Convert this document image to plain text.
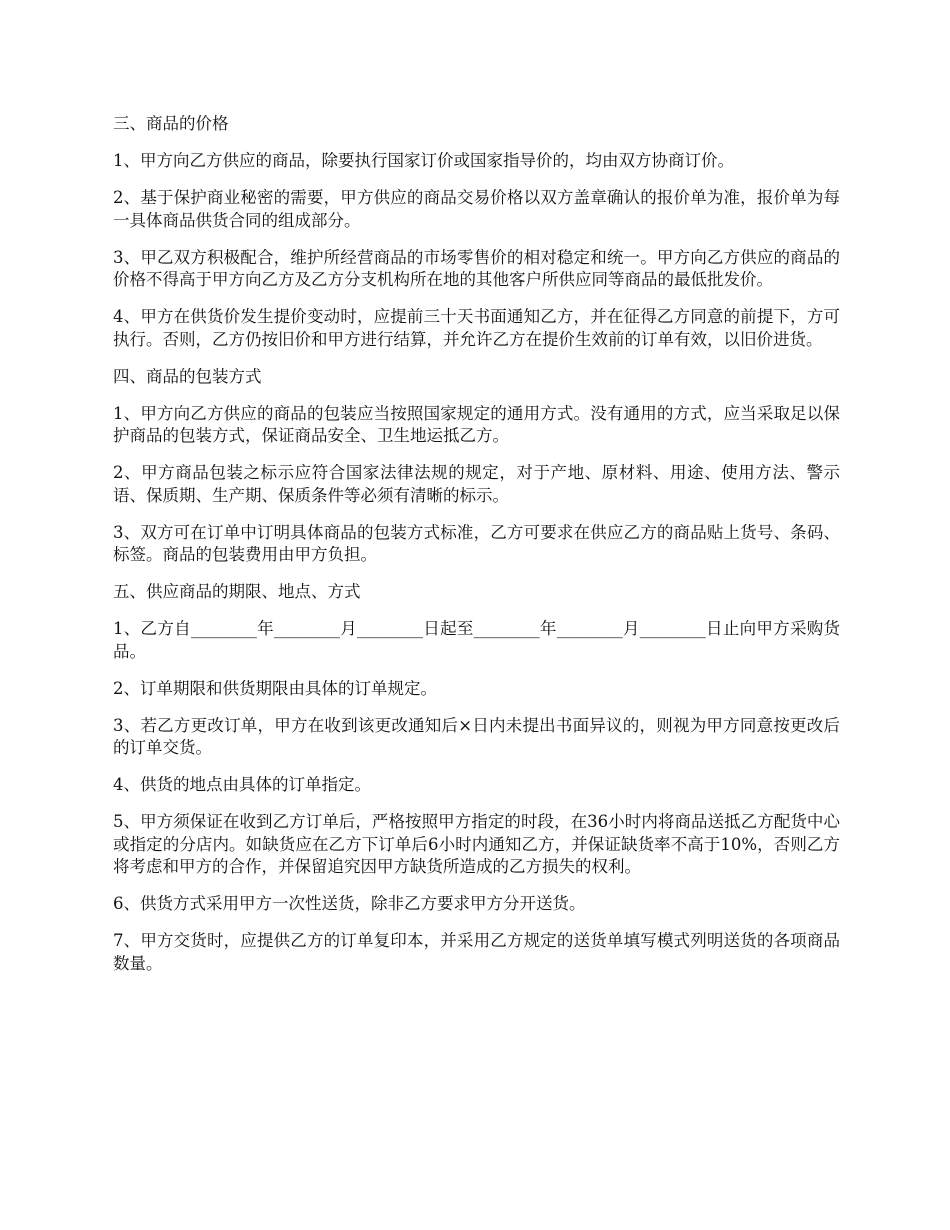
三、商品的价格

1、甲方向乙方供应的商品，除要执行国家订价或国家指导价的，均由双方协商订价。

2、基于保护商业秘密的需要，甲方供应的商品交易价格以双方盖章确认的报价单为准，报价单为每一具体商品供货合同的组成部分。

3、甲乙双方积极配合，维护所经营商品的市场零售价的相对稳定和统一。甲方向乙方供应的商品的价格不得高于甲方向乙方及乙方分支机构所在地的其他客户所供应同等商品的最低批发价。

4、甲方在供货价发生提价变动时，应提前三十天书面通知乙方，并在征得乙方同意的前提下，方可执行。否则，乙方仍按旧价和甲方进行结算，并允许乙方在提价生效前的订单有效，以旧价进货。

四、商品的包装方式

1、甲方向乙方供应的商品的包装应当按照国家规定的通用方式。没有通用的方式，应当采取足以保护商品的包装方式，保证商品安全、卫生地运抵乙方。

2、甲方商品包装之标示应符合国家法律法规的规定，对于产地、原材料、用途、使用方法、警示语、保质期、生产期、保质条件等必须有清晰的标示。

3、双方可在订单中订明具体商品的包装方式标准，乙方可要求在供应乙方的商品贴上货号、条码、标签。商品的包装费用由甲方负担。

五、供应商品的期限、地点、方式

1、乙方自________年________月________日起至________年________月________日止向甲方采购货品。

2、订单期限和供货期限由具体的订单规定。

3、若乙方更改订单，甲方在收到该更改通知后×日内未提出书面异议的，则视为甲方同意按更改后的订单交货。

4、供货的地点由具体的订单指定。

5、甲方须保证在收到乙方订单后，严格按照甲方指定的时段，在36小时内将商品送抵乙方配货中心或指定的分店内。如缺货应在乙方下订单后6小时内通知乙方，并保证缺货率不高于10%，否则乙方将考虑和甲方的合作，并保留追究因甲方缺货所造成的乙方损失的权利。

6、供货方式采用甲方一次性送货，除非乙方要求甲方分开送货。

7、甲方交货时，应提供乙方的订单复印本，并采用乙方规定的送货单填写模式列明送货的各项商品数量。
